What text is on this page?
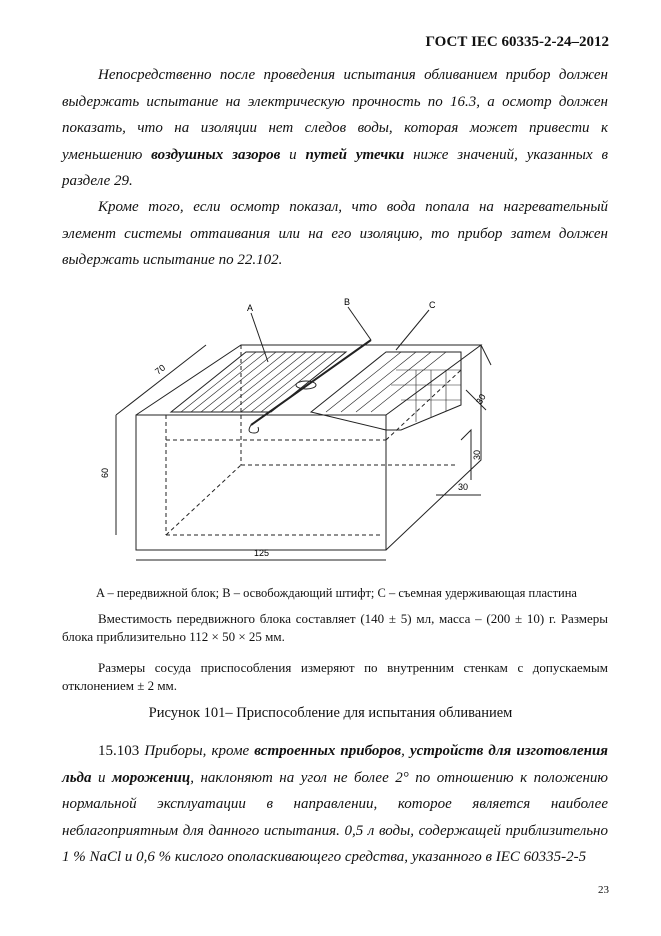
ГОСТ IEC 60335-2-24–2012
Непосредственно после проведения испытания обливанием прибор должен выдержать испытание на электрическую прочность по 16.3, а осмотр должен показать, что на изоляции нет следов воды, которая может привести к уменьшению воздушных зазоров и путей утечки ниже значений, указанных в разделе 29.
Кроме того, если осмотр показал, что вода попала на нагревательный элемент системы оттаивания или на его изоляцию, то прибор затем должен выдержать испытание по 22.102.
A
B	C
70
60
125
30
30
30
A – передвижной блок; B – освобождающий штифт; C – съемная удерживающая пластина
Вместимость передвижного блока составляет (140 ± 5) мл, масса – (200 ± 10) г. Размеры блока приблизительно 112 × 50 × 25 мм.
Размеры сосуда приспособления измеряют по внутренним стенкам с допускаемым отклонением ± 2 мм.
Рисунок 101– Приспособление для испытания обливанием
15.103 Приборы, кроме встроенных приборов, устройств для изготовления льда и морожениц, наклоняют на угол не более 2° по отношению к положению нормальной эксплуатации в направлении, которое является наиболее неблагоприятным для данного испытания. 0,5 л воды, содержащей приблизительно 1 % NaCl и 0,6 % кислого ополаскивающего средства, указанного в IEC 60335-2-5
23
